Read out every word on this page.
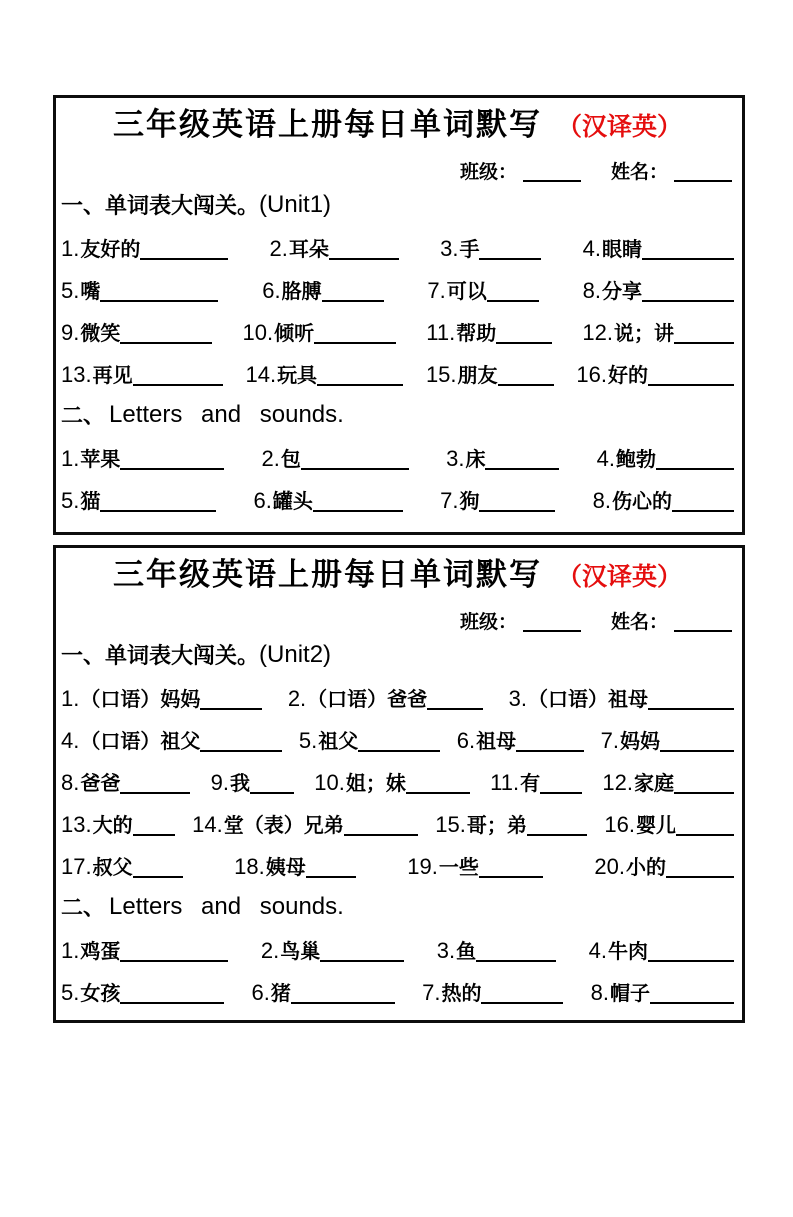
三年级英语上册每日单词默写 （汉译英）
班级：	姓名：
一、单词表大闯关。 (Unit1)
1. 友好的	2. 耳朵	3. 手	4. 眼睛
5. 嘴	6. 胳膊	7. 可以	8. 分享
9. 微笑	10. 倾听	11. 帮助	12. 说；讲
13. 再见	14. 玩具	15. 朋友	16. 好的
二、 Letters and sounds.
1. 苹果	2. 包	3. 床	4. 鲍勃
5. 猫	6. 罐头	7. 狗	8. 伤心的
三年级英语上册每日单词默写 （汉译英）
班级：	姓名：
一、单词表大闯关。 (Unit2)
1. （口语）妈妈	2. （口语）爸爸	3. （口语）祖母
4. （口语）祖父	5. 祖父	6. 祖母	7. 妈妈
8. 爸爸	9. 我	10. 姐；妹	11. 有	12. 家庭
13. 大的	14. 堂（表）兄弟	15. 哥；弟	16. 婴儿
17. 叔父	18. 姨母	19. 一些	20. 小的
二、 Letters and sounds.
1. 鸡蛋	2. 鸟巢	3. 鱼	4. 牛肉
5. 女孩	6. 猪	7. 热的	8. 帽子
